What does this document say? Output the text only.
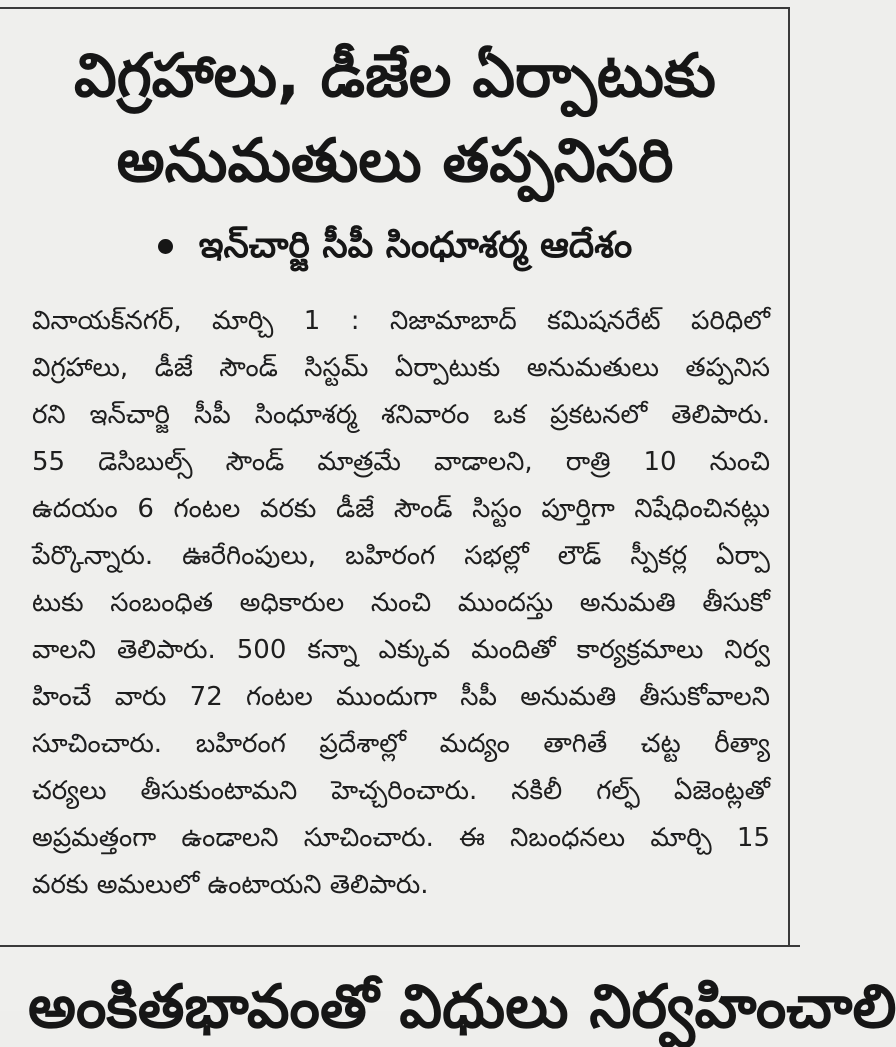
విగ్రహాలు, డీజేల ఏర్పాటుకు
అనుమతులు తప్పనిసరి
ఇన్‌చార్జి సీపీ సింధూశర్మ ఆదేశం
వినాయక్‌నగర్, మార్చి 1 : నిజామాబాద్ కమిషనరేట్ పరిధిలో
విగ్రహాలు, డీజే సౌండ్ సిస్టమ్ ఏర్పాటుకు అనుమతులు తప్పనిస
రని ఇన్‌చార్జి సీపీ సింధూశర్మ శనివారం ఒక ప్రకటనలో తెలిపారు.
55 డెసిబుల్స్ సౌండ్ మాత్రమే వాడాలని, రాత్రి 10 నుంచి
ఉదయం 6 గంటల వరకు డీజే సౌండ్ సిస్టం పూర్తిగా నిషేధించినట్లు
పేర్కొన్నారు. ఊరేగింపులు, బహిరంగ సభల్లో లౌడ్ స్పీకర్ల ఏర్పా
టుకు సంబంధిత అధికారుల నుంచి ముందస్తు అనుమతి తీసుకో
వాలని తెలిపారు. 500 కన్నా ఎక్కువ మందితో కార్యక్రమాలు నిర్వ
హించే వారు 72 గంటల ముందుగా సీపీ అనుమతి తీసుకోవాలని
సూచించారు. బహిరంగ ప్రదేశాల్లో మద్యం తాగితే చట్ట రీత్యా
చర్యలు తీసుకుంటామని హెచ్చరించారు. నకిలీ గల్ఫ్ ఏజెంట్లతో
అప్రమత్తంగా ఉండాలని సూచించారు. ఈ నిబంధనలు మార్చి 15
వరకు అమలులో ఉంటాయని తెలిపారు.
అంకితభావంతో విధులు నిర్వహించాలి
